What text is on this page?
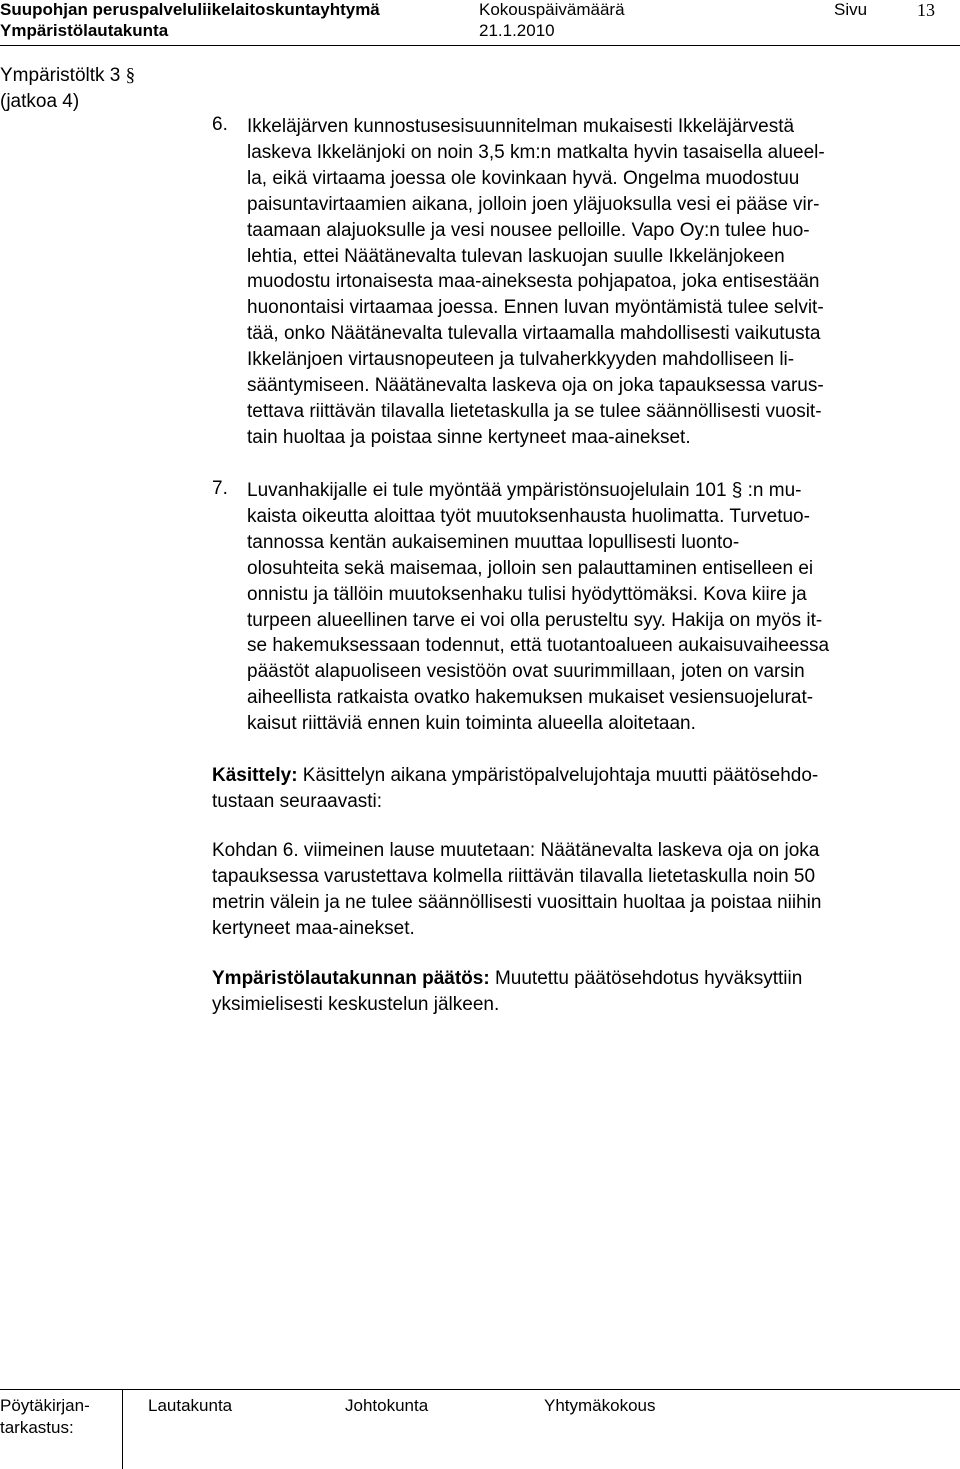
Suupohjan peruspalveluliikelaitoskuntayhtymä	Kokouspäivämäärä	Sivu	13
Ympäristölautakunta	21.1.2010
Ympäristöltk 3 §
(jatkoa 4)
6. Ikkeläjärven kunnostusesisuunnitelman mukaisesti Ikkeläjärvestä
laskeva Ikkelänjoki on noin 3,5 km:n matkalta hyvin tasaisella alueel-
la, eikä virtaama joessa ole kovinkaan hyvä. Ongelma muodostuu
paisuntavirtaamien aikana, jolloin joen yläjuoksulla vesi ei pääse vir-
taamaan alajuoksulle ja vesi nousee pelloille. Vapo Oy:n tulee huo-
lehtia, ettei Näätänevalta tulevan laskuojan suulle Ikkelänjokeen
muodostu irtonaisesta maa-aineksesta pohjapatoa, joka entisestään
huonontaisi virtaamaa joessa. Ennen luvan myöntämistä tulee selvit-
tää, onko Näätänevalta tulevalla virtaamalla mahdollisesti vaikutusta
Ikkelänjoen virtausnopeuteen ja tulvaherkkyyden mahdolliseen li-
sääntymiseen. Näätänevalta laskeva oja on joka tapauksessa varus-
tettava riittävän tilavalla lietetaskulla ja se tulee säännöllisesti vuosit-
tain huoltaa ja poistaa sinne kertyneet maa-ainekset.
7. Luvanhakijalle ei tule myöntää ympäristönsuojelulain 101 § :n mu-
kaista oikeutta aloittaa työt muutoksenhausta huolimatta. Turvetuo-
tannossa kentän aukaiseminen muuttaa lopullisesti luonto-
olosuhteita sekä maisemaa, jolloin sen palauttaminen entiselleen ei
onnistu ja tällöin muutoksenhaku tulisi hyödyttömäksi. Kova kiire ja
turpeen alueellinen tarve ei voi olla perusteltu syy. Hakija on myös it-
se hakemuksessaan todennut, että tuotantoalueen aukaisuvaiheessa
päästöt alapuoliseen vesistöön ovat suurimmillaan, joten on varsin
aiheellista ratkaista ovatko hakemuksen mukaiset vesiensuojelurat-
kaisut riittäviä ennen kuin toiminta alueella aloitetaan.
Käsittely: Käsittelyn aikana ympäristöpalvelujohtaja muutti päätösehdo-
tustaan seuraavasti:
Kohdan 6. viimeinen lause muutetaan: Näätänevalta laskeva oja on joka
tapauksessa varustettava kolmella riittävän tilavalla lietetaskulla noin 50
metrin välein ja ne tulee säännöllisesti vuosittain huoltaa ja poistaa niihin
kertyneet maa-ainekset.
Ympäristölautakunnan päätös: Muutettu päätösehdotus hyväksyttiin
yksimielisesti keskustelun jälkeen.
Pöytäkirjan-
tarkastus:
Lautakunta	Johtokunta	Yhtymäkokous
